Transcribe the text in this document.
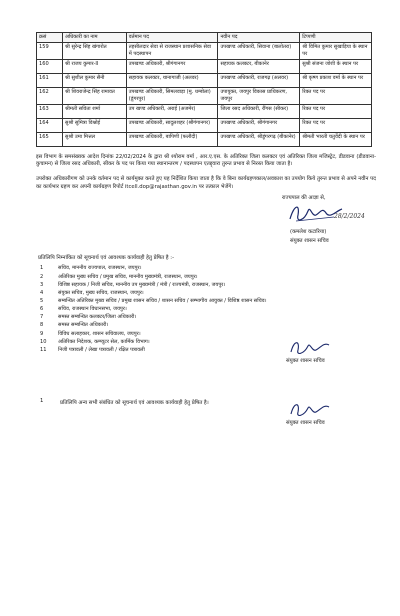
क्रसं	अधिकारी का नाम	वर्तमान पद	नवीन पद	टिप्पणी
159	श्री सुरेन्द्र सिंह खंगारोत	तहसीलदार सेवा से राजस्थान प्रशासनिक सेवा में पदस्थापन	उपखण्ड अधिकारी, सिवाना (बालोतरा)	श्री विमित कुमार सुखाड़िया के स्थान पर
160	श्री राजय कुमार-II	उपखण्ड अधिकारी, श्रीगंगानगर	सहायक कलक्टर, बीकानेर	सुश्री संजना जोशी के स्थान पर
161	श्री सुशील कुमार सैनी	सहायक कलक्टर, थानागाजी (अलवर)	उपखण्ड अधिकारी, राजगढ़ (अलवर)	श्री कृष्ण प्रकाश वर्मा के स्थान पर
162	श्री शिवराजेन्द्र सिंह रामावत	उपखण्ड अधिकारी, सिमलवाड़ा (मु. धम्बोला) (डूंगरपुर)	उपायुक्त, जयपुर विकास प्राधिकरण, जयपुर	रिक्त पद पर
163	श्रीमती सविता शर्मा	उप खण्ड अधिकारी, अराई (अजमेर)	जिला रसद अधिकारी, रींगस (सीकर)	रिक्त पद पर
164	सुश्री सुमित्रा विश्नोई	उपखण्ड अधिकारी, सादुलशहर (श्रीगंगानगर)	उपखण्ड अधिकारी, श्रीगंगानगर	रिक्त पद पर
165	सुश्री उमा मित्तल	उपखण्ड अधिकारी, बापिणी (फलौदी)	उपखण्ड अधिकारी, श्रीडूंगरगढ़ (बीकानेर)	श्रीमती भारती चतुर्वेदी के स्थान पर

इस विभाग के समसंख्यक आदेश दिनांक 22/02/2024 के द्वारा श्री श्योराम वर्मा , आर.ए.एस. के अतिरिक्त जिला कलक्टर एवं अतिरिक्त जिला मजिस्ट्रेट, डीडवाना (डीडवाना-कुचामन) से जिला रसद अधिकारी, सीकर के पद पर किया गया स्थानान्तरण / पदस्थापन एतद्द्वारा तुरन्त प्रभाव से निरस्त किया जाता है।

उपरोक्त अधिकारीगण को उनके वर्तमान पद से कार्यमुक्त करते हुए यह निर्देशित किया जाता है कि वे बिना कार्यग्रहणकाल/अवकाश का उपयोग किये तुरन्त प्रभाव से अपने नवीन पद का कार्यभार ग्रहण कर अपनी कार्यग्रहण रिपोर्ट itcell.dop@rajasthan.gov.in पर तत्काल भेजेंगे।

राज्यपाल की आज्ञा से,
28/2/2024
(कमलेश कटारिया)
संयुक्त शासन सचिव

प्रतिलिपि निम्नांकित को सूचनार्थ एवं आवश्यक कार्यवाही हेतु प्रेषित है :-

1	सचिव, माननीय राज्यपाल, राजस्थान, जयपुर।
2	अतिरिक्त मुख्य सचिव / प्रमुख सचिव, माननीय मुख्यमंत्री, राजस्थान, जयपुर।
3	विशिष्ठ सहायक / निजी सचिव, माननीय उप मुख्यमंत्री / मंत्री / राज्यमंत्री, राजस्थान, जयपुर।
4	संयुक्त सचिव, मुख्य सचिव, राजस्थान, जयपुर।
5	सम्बन्धित अतिरिक्त मुख्य सचिव / प्रमुख शासन सचिव / शासन सचिव / सम्भागीय आयुक्त / विशिष्ठ शासन सचिव।
6	सचिव, राजस्थान विधानसभा, जयपुर।
7	समस्त सम्बन्धित कलक्टर/जिला अधिकारी।
8	समस्त सम्बन्धित अधिकारी।
9	विविध सलाहकार, शासन सचिवालय, जयपुर।
10	अतिरिक्त निदेशक, कम्प्यूटर सेल, कार्मिक विभाग।
11	निजी पत्रावली / लेखा पत्रावली / रक्षित पत्रावली
संयुक्त शासन सचिव
1	प्रतिलिपि अन्य सभी संबंधित को सूचनार्थ एवं आवश्यक कार्यवाही हेतु प्रेषित है।
संयुक्त शासन सचिव
